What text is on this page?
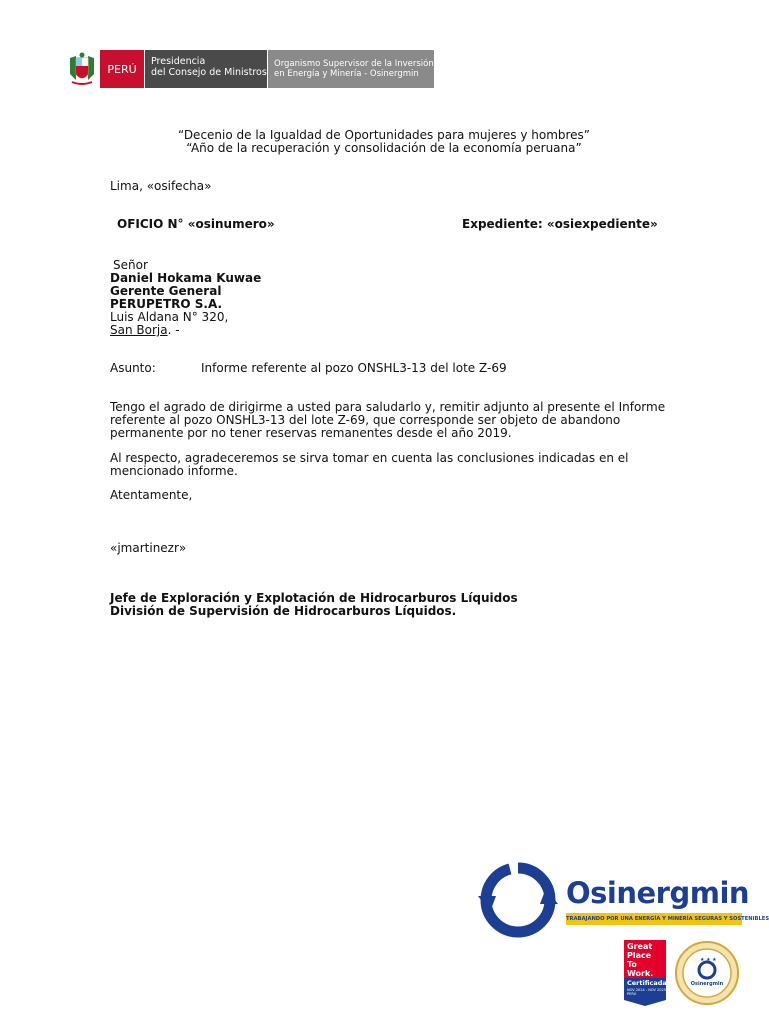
PERÚ
Presidencia
del Consejo de Ministros
Organismo Supervisor de la Inversión
en Energía y Minería - Osinergmin
“Decenio de la Igualdad de Oportunidades para mujeres y hombres”
“Año de la recuperación y consolidación de la economía peruana”
Lima, «osifecha»
OFICIO N° «osinumero»	Expediente: «osiexpediente»
Señor
Daniel Hokama Kuwae
Gerente General
PERUPETRO S.A.
Luis Aldana N° 320,
San Borja. -
Asunto:	Informe referente al pozo ONSHL3-13 del lote Z-69
Tengo el agrado de dirigirme a usted para saludarlo y, remitir adjunto al presente el Informe
referente al pozo ONSHL3-13 del lote Z-69, que corresponde ser objeto de abandono
permanente por no tener reservas remanentes desde el año 2019.
Al respecto, agradeceremos se sirva tomar en cuenta las conclusiones indicadas en el
mencionado informe.
Atentamente,
«jmartinezr»
Jefe de Exploración y Explotación de Hidrocarburos Líquidos
División de Supervisión de Hidrocarburos Líquidos.
Osinergmin
TRABAJANDO POR UNA ENERGÍA Y MINERÍA SEGURAS Y SOSTENIBLES
Great
Place
To
Work.
Certificada
NOV 2024 - NOV 2025
PERÚ
★ ★ ★
Osinergmin
